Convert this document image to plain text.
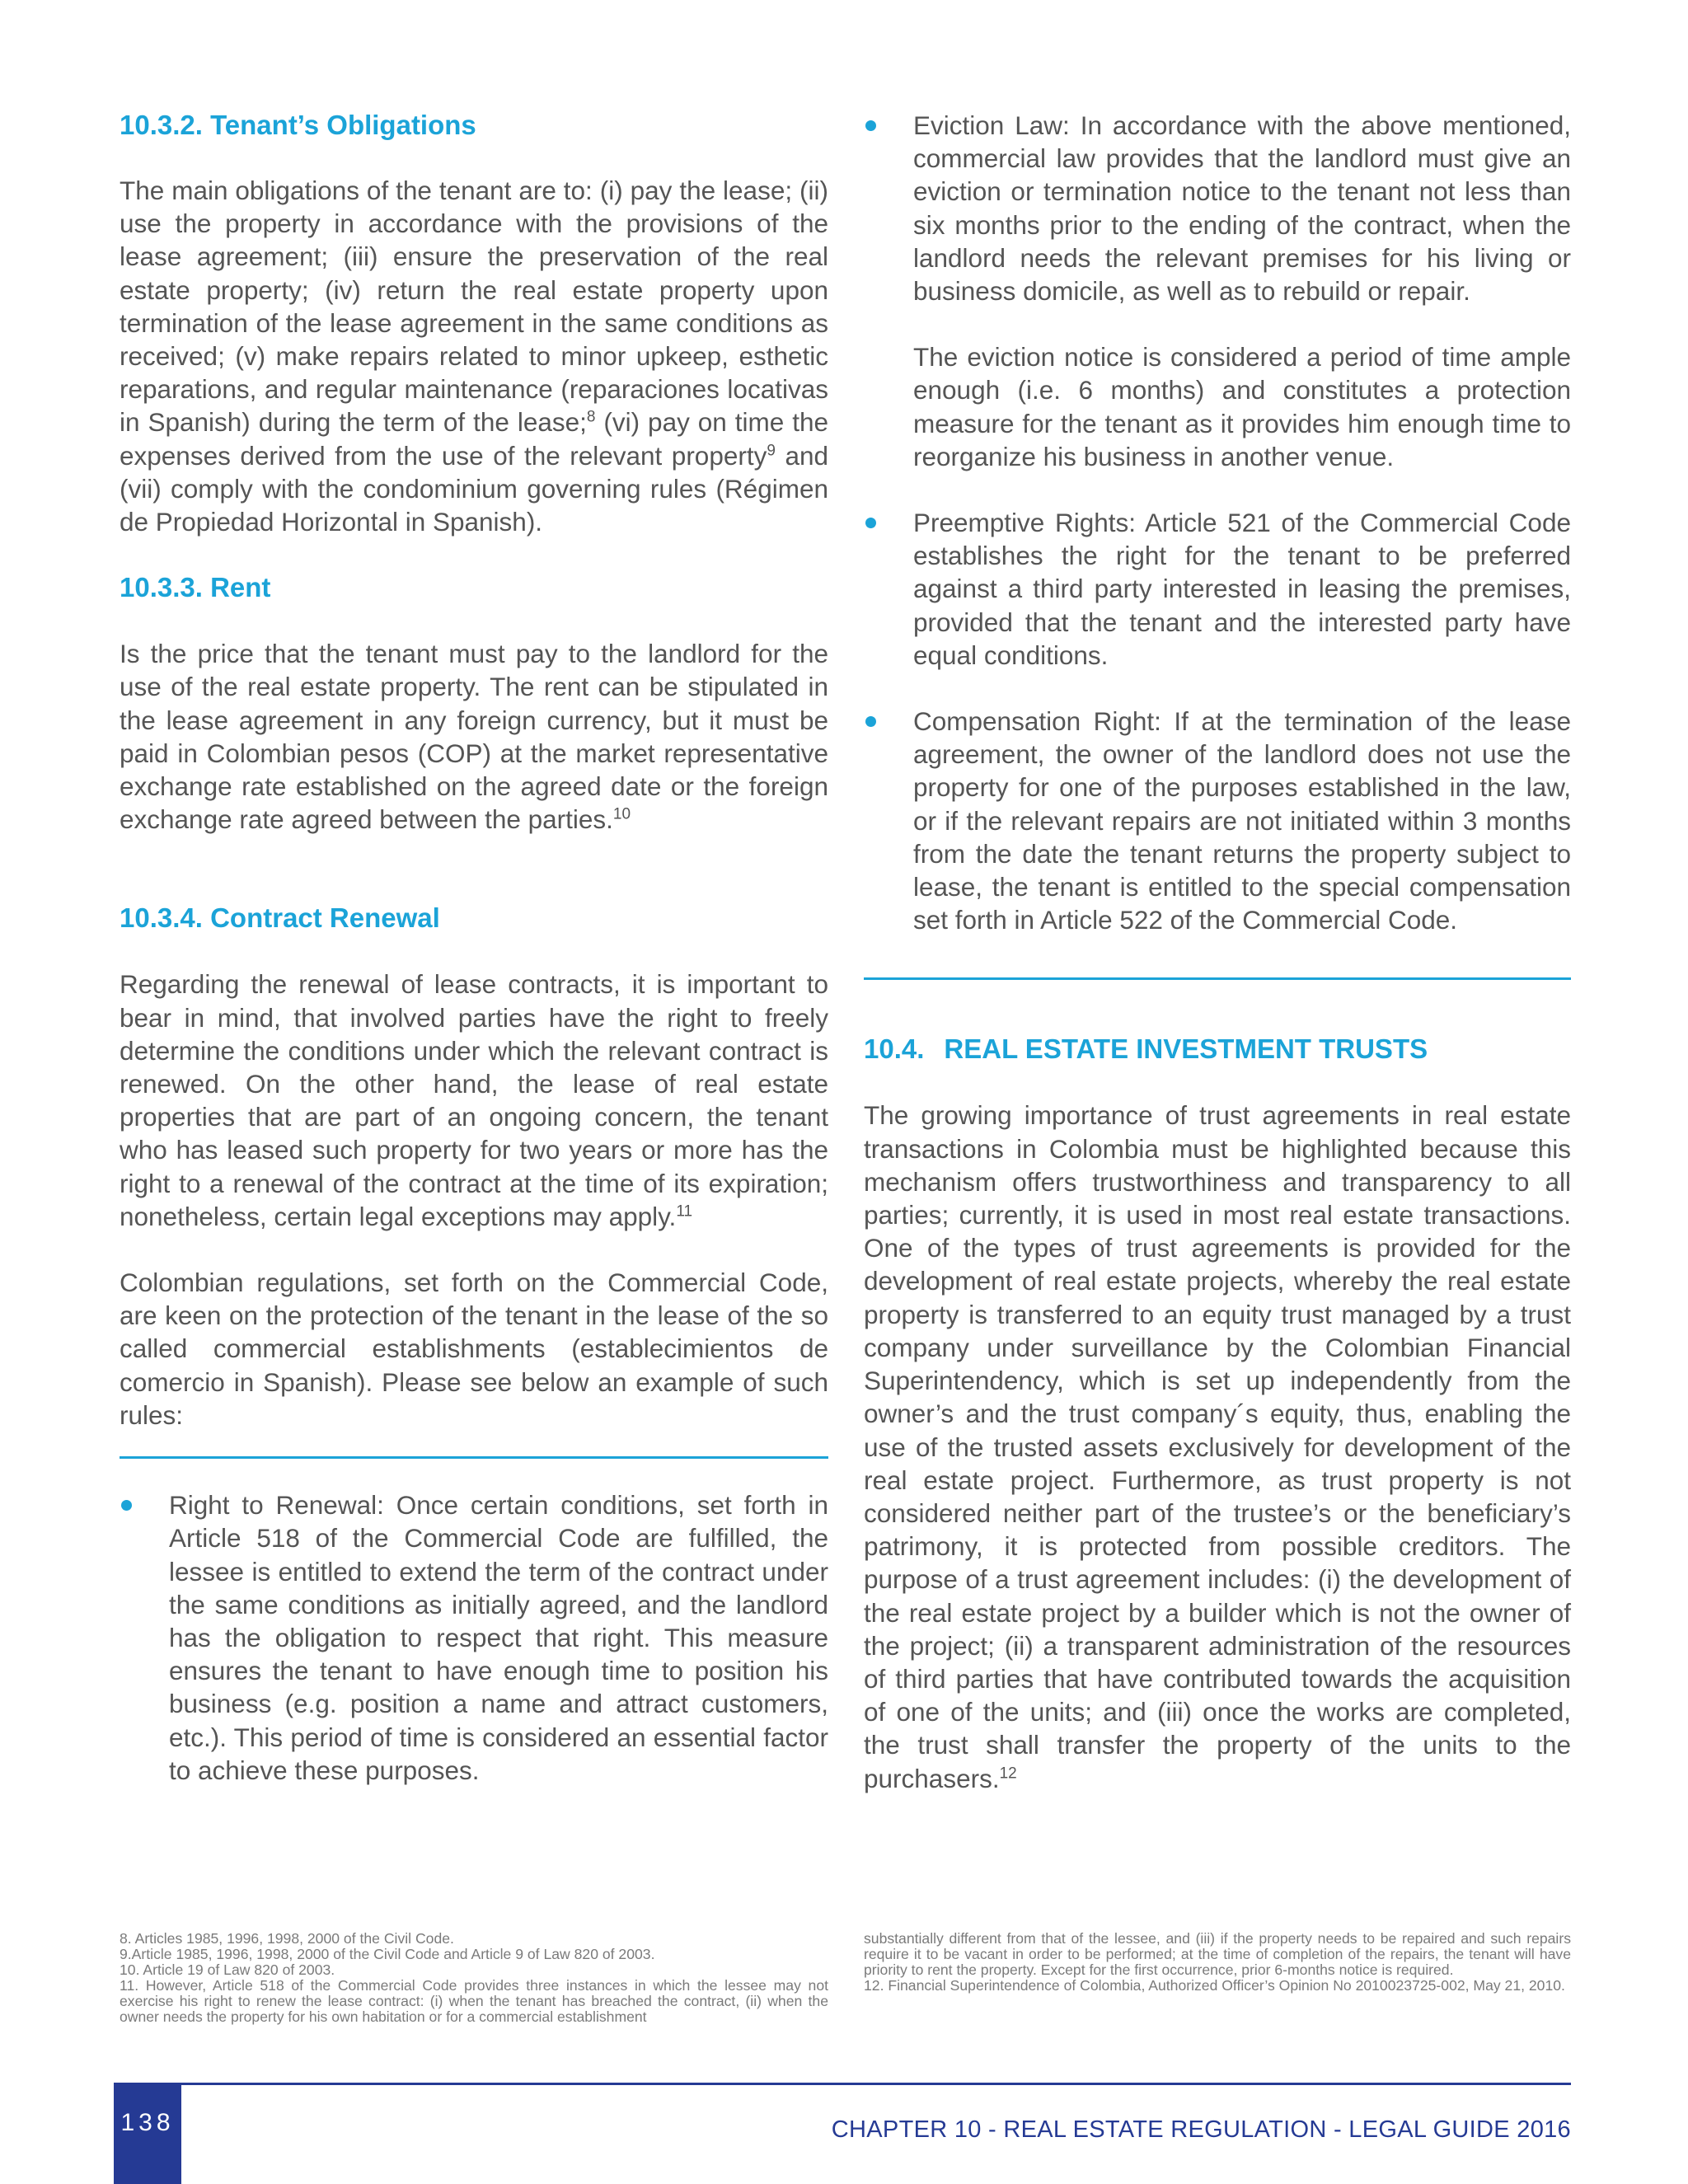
10.3.2. Tenant’s Obligations

The main obligations of the tenant are to: (i) pay the lease; (ii) use the property in accordance with the provisions of the lease agreement; (iii) ensure the preservation of the real estate property; (iv) return the real estate property upon termination of the lease agreement in the same conditions as received; (v) make repairs related to minor upkeep, esthetic reparations, and regular maintenance (reparaciones locativas in Spanish) during the term of the lease;$^8$ (vi) pay on time the expenses derived from the use of the relevant property$^9$ and (vii) comply with the condominium governing rules (Régimen de Propiedad Horizontal in Spanish).

10.3.3. Rent

Is the price that the tenant must pay to the landlord for the use of the real estate property. The rent can be stipulated in the lease agreement in any foreign currency, but it must be paid in Colombian pesos (COP) at the market representative exchange rate established on the agreed date or the foreign exchange rate agreed between the parties.$^{10}$

10.3.4. Contract Renewal

Regarding the renewal of lease contracts, it is important to bear in mind, that involved parties have the right to freely determine the conditions under which the relevant contract is renewed. On the other hand, the lease of real estate properties that are part of an ongoing concern, the tenant who has leased such property for two years or more has the right to a renewal of the contract at the time of its expiration; nonetheless, certain legal exceptions may apply.$^{11}$

Colombian regulations, set forth on the Commercial Code, are keen on the protection of the tenant in the lease of the so called commercial establishments (establecimientos de comercio in Spanish). Please see below an example of such rules:

Right to Renewal: Once certain conditions, set forth in Article 518 of the Commercial Code are fulfilled, the lessee is entitled to extend the term of the contract under the same conditions as initially agreed, and the landlord has the obligation to respect that right. This measure ensures the tenant to have enough time to position his business (e.g. position a name and attract customers, etc.). This period of time is considered an essential factor to achieve these purposes.

Eviction Law: In accordance with the above mentioned, commercial law provides that the landlord must give an eviction or termination notice to the tenant not less than six months prior to the ending of the contract, when the landlord needs the relevant premises for his living or business domicile, as well as to rebuild or repair.

The eviction notice is considered a period of time ample enough (i.e. 6 months) and constitutes a protection measure for the tenant as it provides him enough time to reorganize his business in another venue.

Preemptive Rights: Article 521 of the Commercial Code establishes the right for the tenant to be preferred against a third party interested in leasing the premises, provided that the tenant and the interested party have equal conditions.

Compensation Right: If at the termination of the lease agreement, the owner of the landlord does not use the property for one of the purposes established in the law, or if the relevant repairs are not initiated within 3 months from the date the tenant returns the property subject to lease, the tenant is entitled to the special compensation set forth in Article 522 of the Commercial Code.

10.4. REAL ESTATE INVESTMENT TRUSTS

The growing importance of trust agreements in real estate transactions in Colombia must be highlighted because this mechanism offers trustworthiness and transparency to all parties; currently, it is used in most real estate transactions. One of the types of trust agreements is provided for the development of real estate projects, whereby the real estate property is transferred to an equity trust managed by a trust company under surveillance by the Colombian Financial Superintendency, which is set up independently from the owner’s and the trust company´s equity, thus, enabling the use of the trusted assets exclusively for development of the real estate project. Furthermore, as trust property is not considered neither part of the trustee’s or the beneficiary’s patrimony, it is protected from possible creditors. The purpose of a trust agreement includes: (i) the development of the real estate project by a builder which is not the owner of the project; (ii) a transparent administration of the resources of third parties that have contributed towards the acquisition of one of the units; and (iii) once the works are completed, the trust shall transfer the property of the units to the purchasers.$^{12}$

8. Articles 1985, 1996, 1998, 2000 of the Civil Code.

9.Article 1985, 1996, 1998, 2000 of the Civil Code and Article 9 of Law 820 of 2003.

10. Article 19 of Law 820 of 2003.

11. However, Article 518 of the Commercial Code provides three instances in which the lessee may not exercise his right to renew the lease contract: (i) when the tenant has breached the contract, (ii) when the owner needs the property for his own habitation or for a commercial establishment

substantially different from that of the lessee, and (iii) if the property needs to be repaired and such repairs require it to be vacant in order to be performed; at the time of completion of the repairs, the tenant will have priority to rent the property. Except for the first occurrence, prior 6-months notice is required.

12. Financial Superintendence of Colombia, Authorized Officer’s Opinion No 2010023725-002, May 21, 2010.

138	CHAPTER 10 - REAL ESTATE REGULATION - LEGAL GUIDE 2016
